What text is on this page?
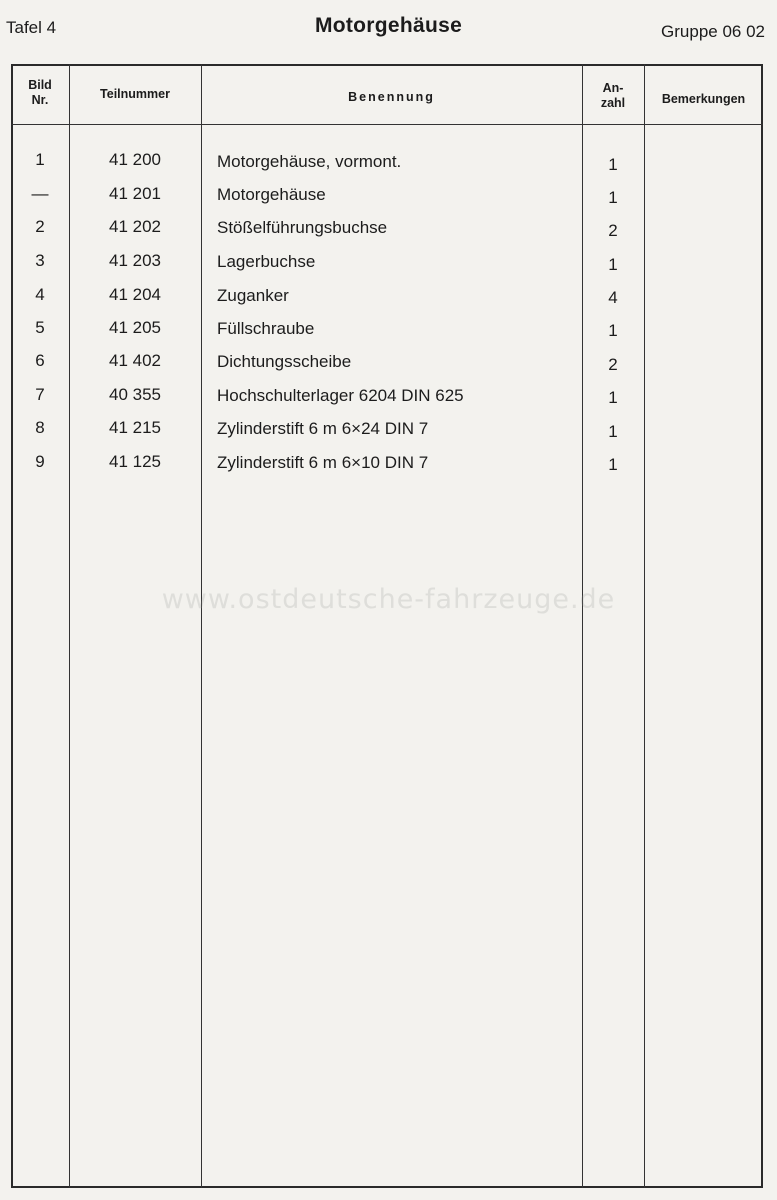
Tafel 4	Motorgehäuse	Gruppe 06 02
Bild
Nr.	Teilnummer	Benennung
An-
zahl	Bemerkungen
1	41 200	Motorgehäuse, vormont.	1
—	41 201	Motorgehäuse	1
2	41 202	Stößelführungsbuchse	2
3	41 203	Lagerbuchse	1
4	41 204	Zuganker	4
5	41 205	Füllschraube	1
6	41 402	Dichtungsscheibe	2
7	40 355	Hochschulterlager 6204 DIN 625	1
8	41 215	Zylinderstift 6 m 6×24 DIN 7	1
9	41 125	Zylinderstift 6 m 6×10 DIN 7	1
www.ostdeutsche-fahrzeuge.de
